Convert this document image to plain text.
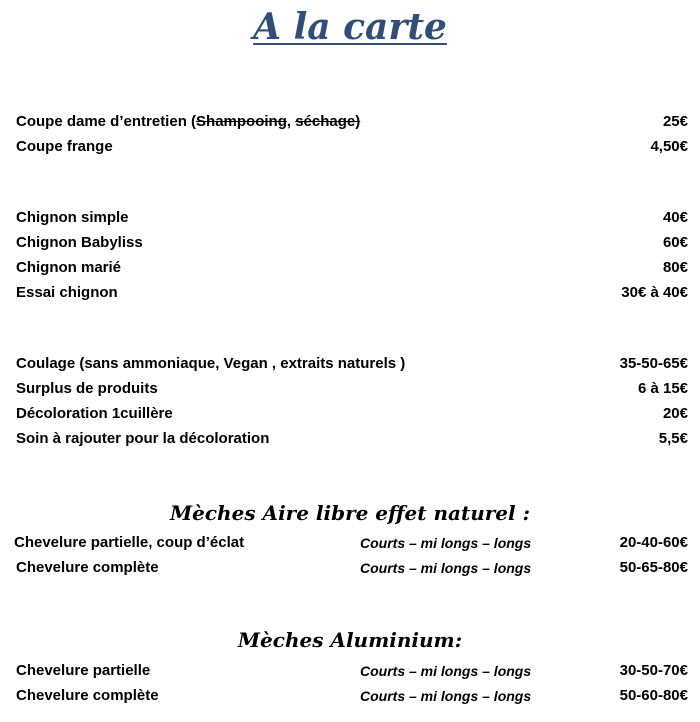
A la carte
Coupe dame d’entretien (Shampooing, séchage)	25€
Coupe frange	4,50€
Chignon simple	40€
Chignon Babyliss	60€
Chignon marié	80€
Essai chignon	30€ à 40€
Coulage (sans ammoniaque, Vegan , extraits naturels )	35-50-65€
Surplus de produits	6 à 15€
Décoloration 1cuillère	20€
Soin à rajouter pour la décoloration	5,5€
Mèches Aire libre effet naturel :
Chevelure partielle, coup d’éclat	Courts – mi longs – longs	20-40-60€
Chevelure complète	Courts – mi longs – longs	50-65-80€
Mèches Aluminium:
Chevelure partielle	Courts – mi longs – longs	30-50-70€
Chevelure complète	Courts – mi longs – longs	50-60-80€
